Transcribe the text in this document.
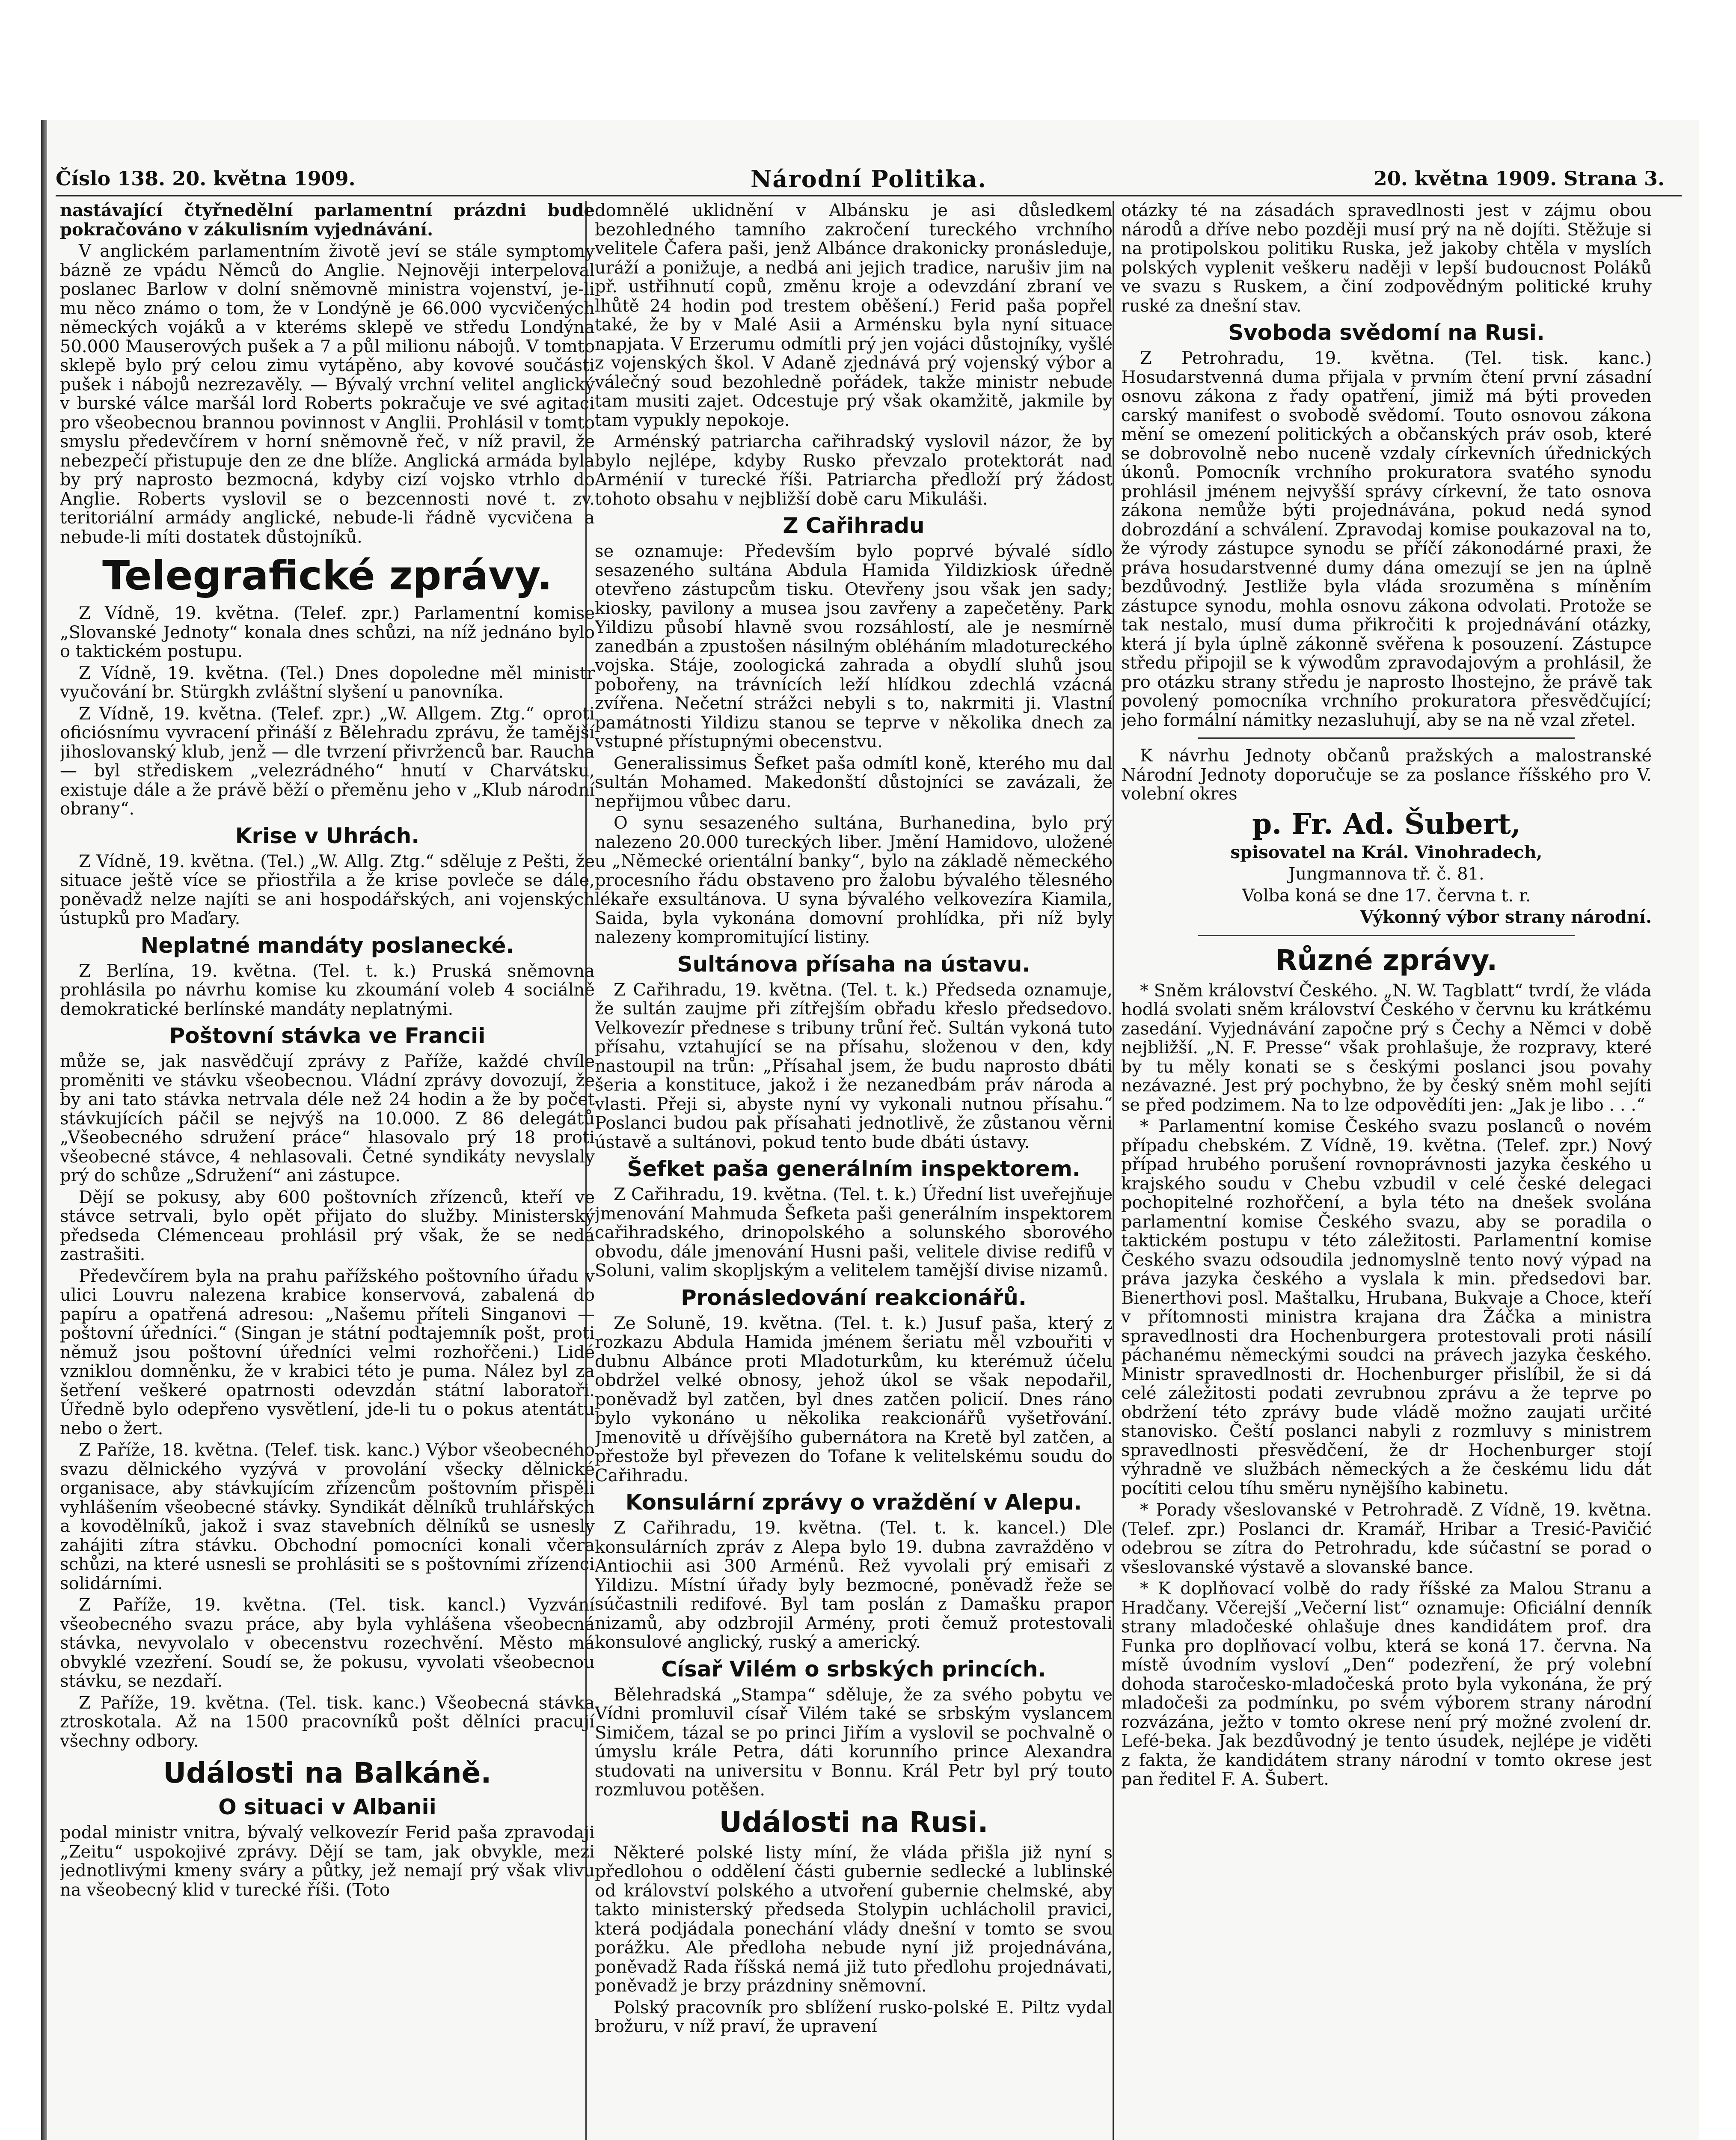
Číslo 138. 20. května 1909.	Národní Politika.	20. května 1909. Strana 3.

nastávající čtyřnedělní parlamentní prázdni bude pokračováno v zákulisním vyjednávání.

V anglickém parlamentním životě jeví se stále symptomy bázně ze vpádu Němců do Anglie. Nejnověji interpeloval poslanec Barlow v dolní sněmovně ministra vojenství, je-li mu něco známo o tom, že v Londýně je 66.000 vycvičených německých vojáků a v kteréms sklepě ve středu Londýna 50.000 Mauserových pušek a 7 a půl milionu nábojů. V tomto sklepě bylo prý celou zimu vytápěno, aby kovové součásti pušek i nábojů nezrezavěly. — Bývalý vrchní velitel anglický v burské válce maršál lord Roberts pokračuje ve své agitaci pro všeobecnou brannou povinnost v Anglii. Prohlásil v tomto smyslu předevčírem v horní sněmovně řeč, v níž pravil, že nebezpečí přistupuje den ze dne blíže. Anglická armáda byla by prý naprosto bezmocná, kdyby cizí vojsko vtrhlo do Anglie. Roberts vyslovil se o bezcennosti nové t. zv. teritoriální armády anglické, nebude-li řádně vycvičena a nebude-li míti dostatek důstojníků.

Telegrafické zprávy.

Z Vídně, 19. května. (Telef. zpr.) Parlamentní komise „Slovanské Jednoty“ konala dnes schůzi, na níž jednáno bylo o taktickém postupu.

Z Vídně, 19. května. (Tel.) Dnes dopoledne měl ministr vyučování br. Stürgkh zvláštní slyšení u panovníka.

Z Vídně, 19. května. (Telef. zpr.) „W. Allgem. Ztg.“ oproti oficiósnímu vyvracení přináší z Bělehradu zprávu, že tamější jihoslovanský klub, jenž — dle tvrzení přivrženců bar. Raucha — byl střediskem „velezrádného“ hnutí v Charvátsku, existuje dále a že právě běží o přeměnu jeho v „Klub národní obrany“.

Krise v Uhrách.

Z Vídně, 19. května. (Tel.) „W. Allg. Ztg.“ sděluje z Pešti, že situace ještě více se přiostřila a že krise povleče se dále, poněvadž nelze najíti se ani hospodářských, ani vojenských ústupků pro Maďary.

Neplatné mandáty poslanecké.

Z Berlína, 19. května. (Tel. t. k.) Pruská sněmovna prohlásila po návrhu komise ku zkoumání voleb 4 sociálně demokratické berlínské mandáty neplatnými.

Poštovní stávka ve Francii

může se, jak nasvědčují zprávy z Paříže, každé chvíle proměniti ve stávku všeobecnou. Vládní zprávy dovozují, že by ani tato stávka netrvala déle než 24 hodin a že by počet stávkujících páčil se nejvýš na 10.000. Z 86 delegátů „Všeobecného sdružení práce“ hlasovalo prý 18 proti všeobecné stávce, 4 nehlasovali. Četné syndikáty nevyslaly prý do schůze „Sdružení“ ani zástupce.

Dějí se pokusy, aby 600 poštovních zřízenců, kteří ve stávce setrvali, bylo opět přijato do služby. Ministerský předseda Clémenceau prohlásil prý však, že se nedá zastrašiti.

Předevčírem byla na prahu pařížského poštovního úřadu v ulici Louvru nalezena krabice konservová, zabalená do papíru a opatřená adresou: „Našemu příteli Singanovi — poštovní úředníci.“ (Singan je státní podtajemník pošt, proti němuž jsou poštovní úředníci velmi rozhořčeni.) Lidé vzniklou domněnku, že v krabici této je puma. Nález byl za šetření veškeré opatrnosti odevzdán státní laboratoři. Úředně bylo odepřeno vysvětlení, jde-li tu o pokus atentátu nebo o žert.

Z Paříže, 18. května. (Telef. tisk. kanc.) Výbor všeobecného svazu dělnického vyzývá v provolání všecky dělnické organisace, aby stávkujícím zřízencům poštovním přispěli vyhlášením všeobecné stávky. Syndikát dělníků truhlářských a kovodělníků, jakož i svaz stavebních dělníků se usnesly zahájiti zítra stávku. Obchodní pomocníci konali včera schůzi, na které usnesli se prohlásiti se s poštovními zřízenci solidárními.

Z Paříže, 19. května. (Tel. tisk. kancl.) Vyzvání všeobecného svazu práce, aby byla vyhlášena všeobecná stávka, nevyvolalo v obecenstvu rozechvění. Město má obvyklé vzezření. Soudí se, že pokusu, vyvolati všeobecnou stávku, se nezdaří.

Z Paříže, 19. května. (Tel. tisk. kanc.) Všeobecná stávka ztroskotala. Až na 1500 pracovníků pošt dělníci pracují všechny odbory.

Události na Balkáně.
O situaci v Albanii

podal ministr vnitra, bývalý velkovezír Ferid paša zpravodaji „Zeitu“ uspokojivé zprávy. Dějí se tam, jak obvykle, mezi jednotlivými kmeny sváry a půtky, jež nemají prý však vlivu na všeobecný klid v turecké říši. (Toto

domnělé uklidnění v Albánsku je asi důsledkem bezohledného tamního zakročení tureckého vrchního velitele Čafera paši, jenž Albánce drakonicky pronásleduje, uráží a ponižuje, a nedbá ani jejich tradice, narušiv jim na př. ustřihnutí copů, změnu kroje a odevzdání zbraní ve lhůtě 24 hodin pod trestem oběšení.) Ferid paša popřel také, že by v Malé Asii a Arménsku byla nyní situace napjata. V Erzerumu odmítli prý jen vojáci důstojníky, vyšlé z vojenských škol. V Adaně zjednává prý vojenský výbor a válečný soud bezohledně pořádek, takže ministr nebude tam musiti zajet. Odcestuje prý však okamžitě, jakmile by tam vypukly nepokoje.

Arménský patriarcha cařihradský vyslovil názor, že by bylo nejlépe, kdyby Rusko převzalo protektorát nad Arménií v turecké říši. Patriarcha předloží prý žádost tohoto obsahu v nejbližší době caru Mikuláši.

Z Cařihradu

se oznamuje: Především bylo poprvé bývalé sídlo sesazeného sultána Abdula Hamida Yildizkiosk úředně otevřeno zástupcům tisku. Otevřeny jsou však jen sady; kiosky, pavilony a musea jsou zavřeny a zapečetěny. Park Yildizu působí hlavně svou rozsáhlostí, ale je nesmírně zanedbán a zpustošen násilným obléháním mladotureckého vojska. Stáje, zoologická zahrada a obydlí sluhů jsou pobořeny, na trávnících leží hlídkou zdechlá vzácná zvířena. Nečetní strážci nebyli s to, nakrmiti ji. Vlastní památnosti Yildizu stanou se teprve v několika dnech za vstupné přístupnými obecenstvu.

Generalissimus Šefket paša odmítl koně, kterého mu dal sultán Mohamed. Makedonští důstojníci se zavázali, že nepřijmou vůbec daru.

O synu sesazeného sultána, Burhanedina, bylo prý nalezeno 20.000 tureckých liber. Jmění Hamidovo, uložené u „Německé orientální banky“, bylo na základě německého procesního řádu obstaveno pro žalobu bývalého tělesného lékaře exsultánova. U syna bývalého velkovezíra Kiamila, Saida, byla vykonána domovní prohlídka, při níž byly nalezeny kompromitující listiny.

Sultánova přísaha na ústavu.

Z Cařihradu, 19. května. (Tel. t. k.) Předseda oznamuje, že sultán zaujme při zítřejším obřadu křeslo předsedovo. Velkovezír přednese s tribuny trůní řeč. Sultán vykoná tuto přísahu, vztahující se na přísahu, složenou v den, kdy nastoupil na trůn: „Přísahal jsem, že budu naprosto dbáti šeria a konstituce, jakož i že nezanedbám práv národa a vlasti. Přeji si, abyste nyní vy vykonali nutnou přísahu.“ Poslanci budou pak přísahati jednotlivě, že zůstanou věrni ústavě a sultánovi, pokud tento bude dbáti ústavy.

Šefket paša generálním inspektorem.

Z Cařihradu, 19. května. (Tel. t. k.) Úřední list uveřejňuje jmenování Mahmuda Šefketa paši generálním inspektorem cařihradského, drinopolského a solunského sborového obvodu, dále jmenování Husni paši, velitele divise redifů v Soluni, valim skopljským a velitelem tamější divise nizamů.

Pronásledování reakcionářů.

Ze Soluně, 19. května. (Tel. t. k.) Jusuf paša, který z rozkazu Abdula Hamida jménem šeriatu měl vzbouřiti v dubnu Albánce proti Mladoturkům, ku kterémuž účelu obdržel velké obnosy, jehož úkol se však nepodařil, poněvadž byl zatčen, byl dnes zatčen policií. Dnes ráno bylo vykonáno u několika reakcionářů vyšetřování. Jmenovitě u dřívějšího gubernátora na Kretě byl zatčen, a přestože byl převezen do Tofane k velitelskému soudu do Cařihradu.

Konsulární zprávy o vraždění v Alepu.

Z Cařihradu, 19. května. (Tel. t. k. kancel.) Dle konsulárních zpráv z Alepa bylo 19. dubna zavražděno v Antiochii asi 300 Arménů. Rež vyvolali prý emisaři z Yildizu. Místní úřady byly bezmocné, poněvadž řeže se súčastnili redifové. Byl tam poslán z Damašku prapor nizamů, aby odzbrojil Armény, proti čemuž protestovali konsulové anglický, ruský a americký.

Císař Vilém o srbských princích.

Bělehradská „Stampa“ sděluje, že za svého pobytu ve Vídni promluvil císař Vilém také se srbským vyslancem Simičem, tázal se po princi Jiřím a vyslovil se pochvalně o úmyslu krále Petra, dáti korunního prince Alexandra studovati na universitu v Bonnu. Král Petr byl prý touto rozmluvou potěšen.

Události na Rusi.

Některé polské listy míní, že vláda přišla již nyní s předlohou o oddělení části gubernie sedlecké a lublinské od království polského a utvoření gubernie chelmské, aby takto ministerský předseda Stolypin uchlácholil pravici, která podjádala ponechání vlády dnešní v tomto se svou porážku. Ale předloha nebude nyní již projednávána, poněvadž Rada říšská nemá již tuto předlohu projednávati, poněvadž je brzy prázdniny sněmovní.

Polský pracovník pro sblížení rusko-polské E. Piltz vydal brožuru, v níž praví, že upravení

otázky té na zásadách spravedlnosti jest v zájmu obou národů a dříve nebo později musí prý na ně dojíti. Stěžuje si na protipolskou politiku Ruska, jež jakoby chtěla v myslích polských vyplenit veškeru naději v lepší budoucnost Poláků ve svazu s Ruskem, a činí zodpovědným politické kruhy ruské za dnešní stav.

Svoboda svědomí na Rusi.

Z Petrohradu, 19. května. (Tel. tisk. kanc.) Hosudarstvenná duma přijala v prvním čtení první zásadní osnovu zákona z řady opatření, jimiž má býti proveden carský manifest o svobodě svědomí. Touto osnovou zákona mění se omezení politických a občanských práv osob, které se dobrovolně nebo nuceně vzdaly církevních úřednických úkonů. Pomocník vrchního prokuratora svatého synodu prohlásil jménem nejvyšší správy církevní, že tato osnova zákona nemůže býti projednávána, pokud nedá synod dobrozdání a schválení. Zpravodaj komise poukazoval na to, že výrody zástupce synodu se příčí zákonodárné praxi, že práva hosudarstvenné dumy dána omezují se jen na úplně bezdůvodný. Jestliže byla vláda srozuměna s míněním zástupce synodu, mohla osnovu zákona odvolati. Protože se tak nestalo, musí duma přikročiti k projednávání otázky, která jí byla úplně zákonně svěřena k posouzení. Zástupce středu připojil se k výwodům zpravodajovým a prohlásil, že pro otázku strany středu je naprosto lhostejno, že právě tak povolený pomocníka vrchního prokuratora přesvědčující; jeho formální námitky nezasluhují, aby se na ně vzal zřetel.

K návrhu Jednoty občanů pražských a malostranské Národní Jednoty doporučuje se za poslance říšského pro V. volební okres

p. Fr. Ad. Šubert,

spisovatel na Král. Vinohradech,

Jungmannova tř. č. 81.

Volba koná se dne 17. června t. r.

Výkonný výbor strany národní.

Různé zprávy.

* Sněm království Českého. „N. W. Tagblatt“ tvrdí, že vláda hodlá svolati sněm království Českého v červnu ku krátkému zasedání. Vyjednávání započne prý s Čechy a Němci v době nejbližší. „N. F. Presse“ však prohlašuje, že rozpravy, které by tu měly konati se s českými poslanci jsou povahy nezávazné. Jest prý pochybno, že by český sněm mohl sejíti se před podzimem. Na to lze odpovědíti jen: „Jak je libo . . .“

* Parlamentní komise Českého svazu poslanců o novém případu chebském. Z Vídně, 19. května. (Telef. zpr.) Nový případ hrubého porušení rovnoprávnosti jazyka českého u krajského soudu v Chebu vzbudil v celé české delegaci pochopitelné rozhořčení, a byla této na dnešek svolána parlamentní komise Českého svazu, aby se poradila o taktickém postupu v této záležitosti. Parlamentní komise Českého svazu odsoudila jednomyslně tento nový výpad na práva jazyka českého a vyslala k min. předsedovi bar. Bienerthovi posl. Maštalku, Hrubana, Bukvaje a Choce, kteří v přítomnosti ministra krajana dra Žáčka a ministra spravedlnosti dra Hochenburgera protestovali proti násilí páchanému německými soudci na právech jazyka českého. Ministr spravedlnosti dr. Hochenburger přislíbil, že si dá celé záležitosti podati zevrubnou zprávu a že teprve po obdržení této zprávy bude vládě možno zaujati určité stanovisko. Čeští poslanci nabyli z rozmluvy s ministrem spravedlnosti přesvědčení, že dr Hochenburger stojí výhradně ve službách německých a že českému lidu dát pocítiti celou tíhu směru nynějšího kabinetu.

* Porady všeslovanské v Petrohradě. Z Vídně, 19. května. (Telef. zpr.) Poslanci dr. Kramář, Hribar a Tresić-Pavičić odebrou se zítra do Petrohradu, kde súčastní se porad o všeslovanské výstavě a slovanské bance.

* K doplňovací volbě do rady říšské za Malou Stranu a Hradčany. Včerejší „Večerní list“ oznamuje: Oficiální denník strany mladočeské ohlašuje dnes kandidátem prof. dra Funka pro doplňovací volbu, která se koná 17. června. Na místě úvodním vysloví „Den“ podezření, že prý volební dohoda staročesko-mladočeská proto byla vykonána, že prý mladočeši za podmínku, po svém výborem strany národní rozvázána, ježto v tomto okrese není prý možné zvolení dr. Lefé-beka. Jak bezdůvodný je tento úsudek, nejlépe je viděti z fakta, že kandidátem strany národní v tomto okrese jest pan ředitel F. A. Šubert.
